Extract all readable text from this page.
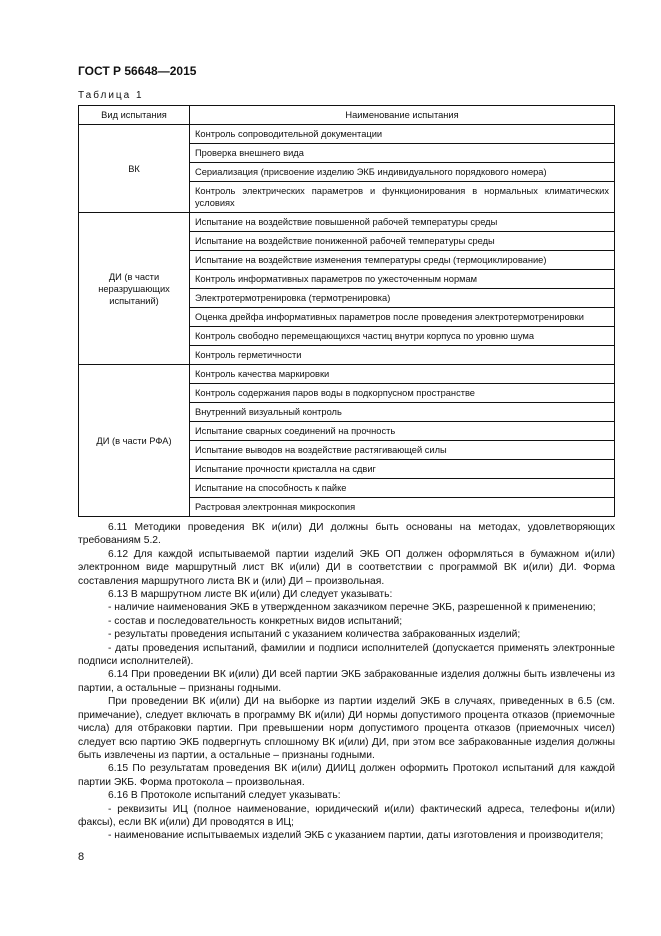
ГОСТ Р 56648—2015
Таблица 1
Вид испытания	Наименование испытания
ВК	Контроль сопроводительной документации
	Проверка внешнего вида
	Сериализация (присвоение изделию ЭКБ индивидуального порядкового номера)
	Контроль электрических параметров и функционирования в нормальных климатических условиях
ДИ (в части неразрушающих испытаний)	Испытание на воздействие повышенной рабочей температуры среды
	Испытание на воздействие пониженной рабочей температуры среды
	Испытание на воздействие изменения температуры среды (термоциклирование)
	Контроль информативных параметров по ужесточенным нормам
	Электротермотренировка (термотренировка)
	Оценка дрейфа информативных параметров после проведения электротермотренировки
	Контроль свободно перемещающихся частиц внутри корпуса по уровню шума
	Контроль герметичности
ДИ (в части РФА)	Контроль качества маркировки
	Контроль содержания паров воды в подкорпусном пространстве
	Внутренний визуальный контроль
	Испытание сварных соединений на прочность
	Испытание выводов на воздействие растягивающей силы
	Испытание прочности кристалла на сдвиг
	Испытание на способность к пайке
	Растровая электронная микроскопия

6.11 Методики проведения ВК и(или) ДИ должны быть основаны на методах, удовлетворяющих требованиям 5.2.

6.12 Для каждой испытываемой партии изделий ЭКБ ОП должен оформляться в бумажном и(или) электронном виде маршрутный лист ВК и(или) ДИ в соответствии с программой ВК и(или) ДИ. Форма составления маршрутного листа ВК и (или) ДИ – произвольная.

6.13 В маршрутном листе ВК и(или) ДИ следует указывать:

- наличие наименования ЭКБ в утвержденном заказчиком перечне ЭКБ, разрешенной к применению;

- состав и последовательность конкретных видов испытаний;

- результаты проведения испытаний с указанием количества забракованных изделий;

- даты проведения испытаний, фамилии и подписи исполнителей (допускается применять электронные подписи исполнителей).

6.14 При проведении ВК и(или) ДИ всей партии ЭКБ забракованные изделия должны быть извлечены из партии, а остальные – признаны годными.

При проведении ВК и(или) ДИ на выборке из партии изделий ЭКБ в случаях, приведенных в 6.5 (см. примечание), следует включать в программу ВК и(или) ДИ нормы допустимого процента отказов (приемочные числа) для отбраковки партии. При превышении норм допустимого процента отказов (приемочных чисел) следует всю партию ЭКБ подвергнуть сплошному ВК и(или) ДИ, при этом все забракованные изделия должны быть извлечены из партии, а остальные – признаны годными.

6.15 По результатам проведения ВК и(или) ДИИЦ должен оформить Протокол испытаний для каждой партии ЭКБ. Форма протокола – произвольная.

6.16 В Протоколе испытаний следует указывать:

- реквизиты ИЦ (полное наименование, юридический и(или) фактический адреса, телефоны и(или) факсы), если ВК и(или) ДИ проводятся в ИЦ;

- наименование испытываемых изделий ЭКБ с указанием партии, даты изготовления и производителя;

8
